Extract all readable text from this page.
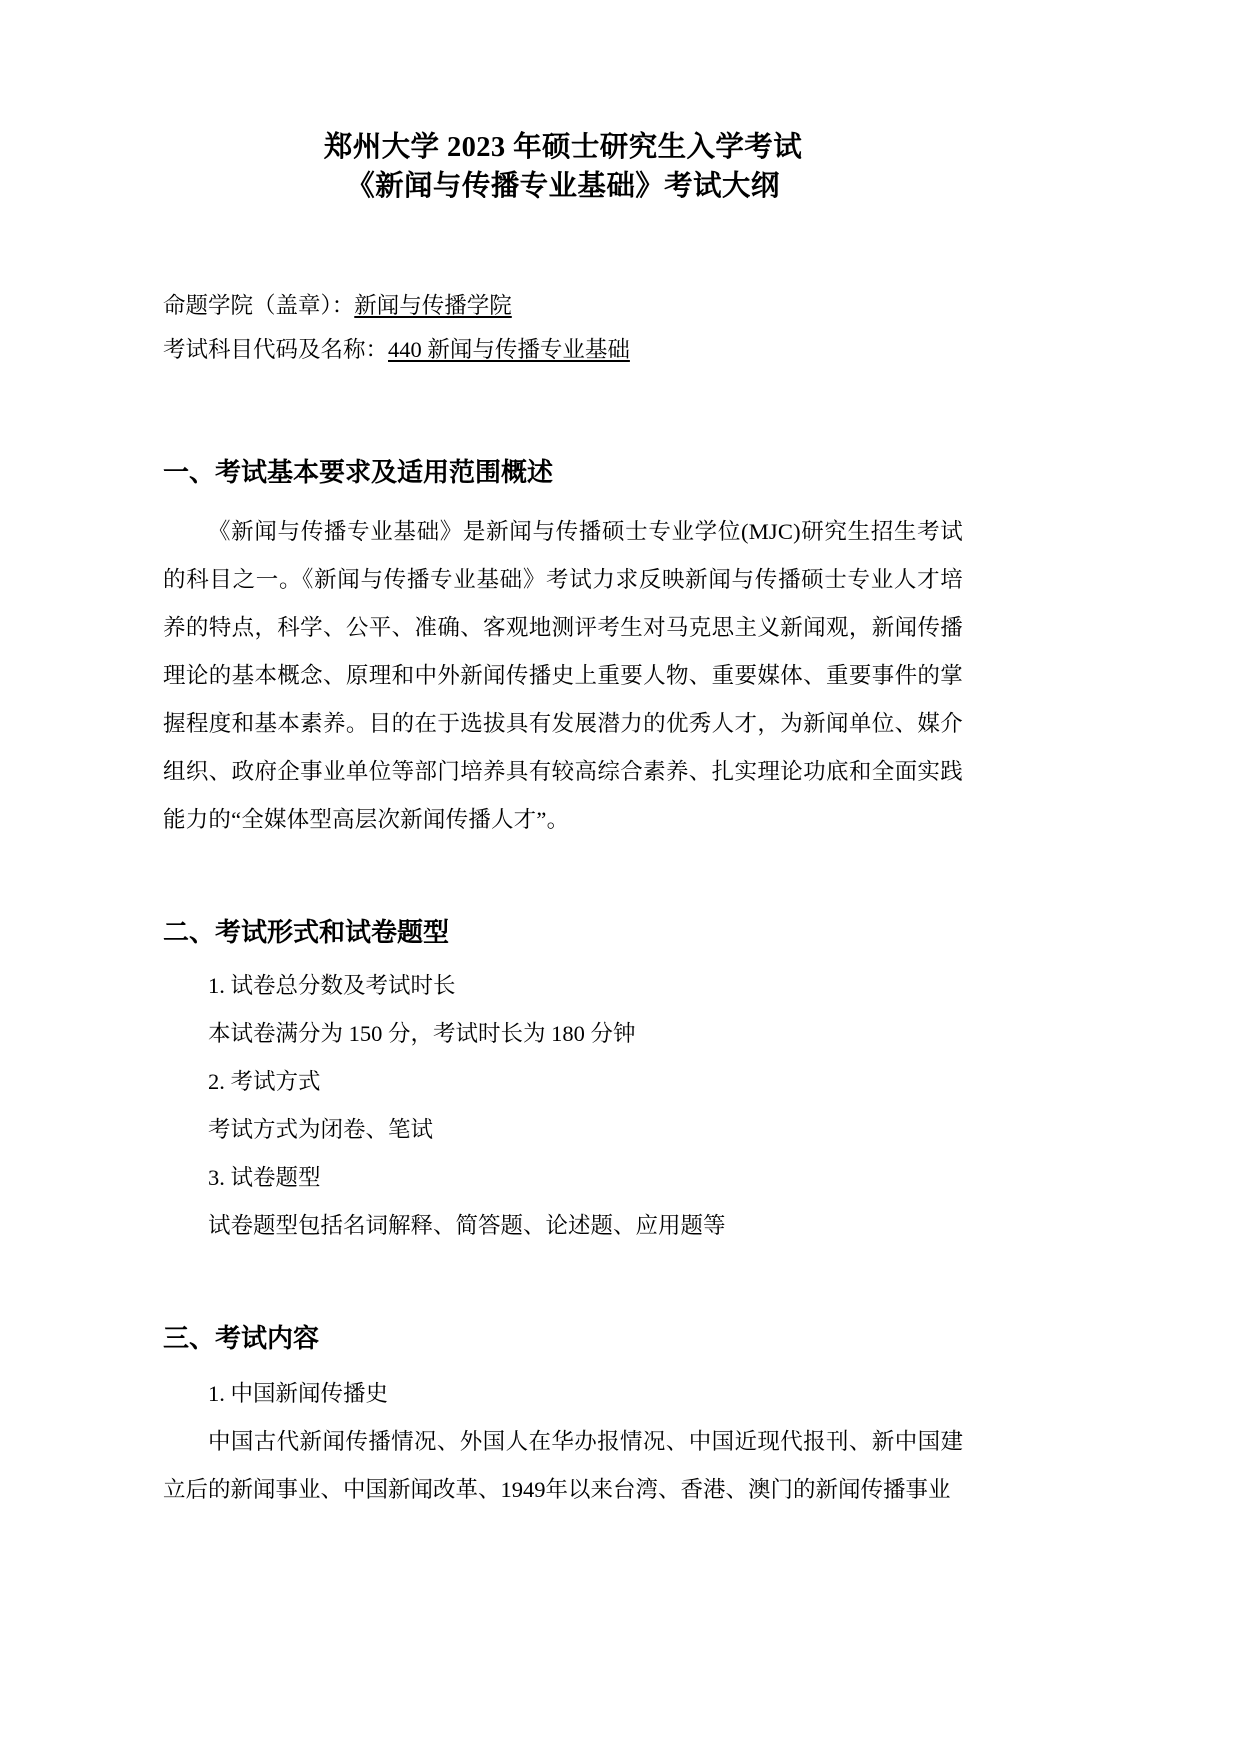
郑州大学 2023 年硕士研究生入学考试
《新闻与传播专业基础》考试大纲
命题学院（盖章）：新闻与传播学院
考试科目代码及名称：440 新闻与传播专业基础
一、考试基本要求及适用范围概述

《新闻与传播专业基础》是新闻与传播硕士专业学位(MJC)研究生招生考试的科目之一。《新闻与传播专业基础》考试力求反映新闻与传播硕士专业人才培养的特点，科学、公平、准确、客观地测评考生对马克思主义新闻观，新闻传播理论的基本概念、原理和中外新闻传播史上重要人物、重要媒体、重要事件的掌握程度和基本素养。目的在于选拔具有发展潜力的优秀人才，为新闻单位、媒介组织、政府企事业单位等部门培养具有较高综合素养、扎实理论功底和全面实践能力的“全媒体型高层次新闻传播人才”。

二、考试形式和试卷题型

1. 试卷总分数及考试时长

本试卷满分为 150 分，考试时长为 180 分钟

2. 考试方式

考试方式为闭卷、笔试

3. 试卷题型

试卷题型包括名词解释、简答题、论述题、应用题等

三、考试内容

1. 中国新闻传播史

中国古代新闻传播情况、外国人在华办报情况、中国近现代报刊、新中国建立后的新闻事业、中国新闻改革、1949年以来台湾、香港、澳门的新闻传播事业
